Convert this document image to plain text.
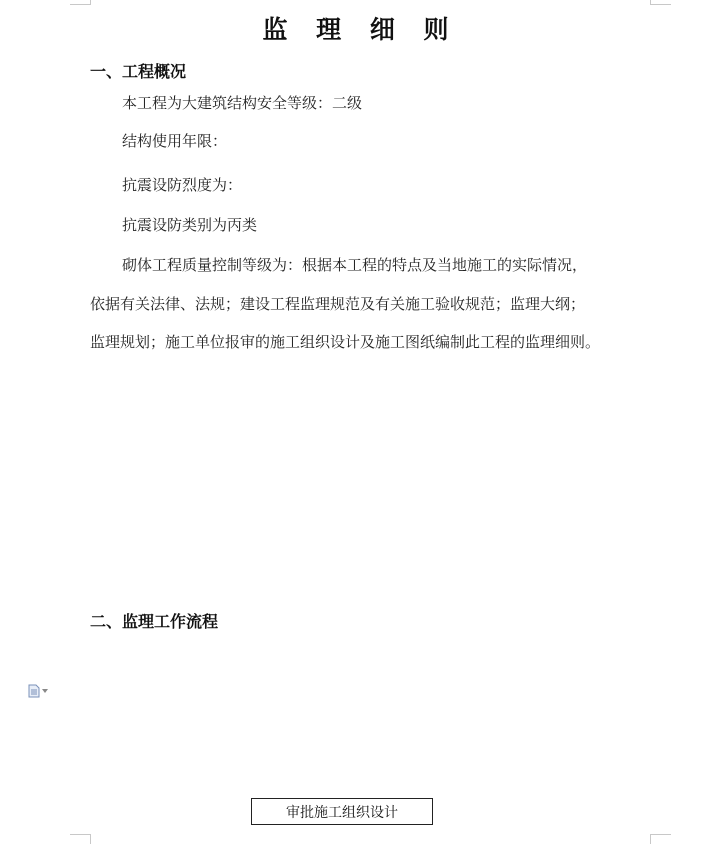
监 理 细 则
一、工程概况
本工程为大建筑结构安全等级：二级
结构使用年限：
抗震设防烈度为：
抗震设防类别为丙类
砌体工程质量控制等级为：根据本工程的特点及当地施工的实际情况，
依据有关法律、法规；建设工程监理规范及有关施工验收规范；监理大纲；
监理规划；施工单位报审的施工组织设计及施工图纸编制此工程的监理细则。
二、监理工作流程
审批施工组织设计
